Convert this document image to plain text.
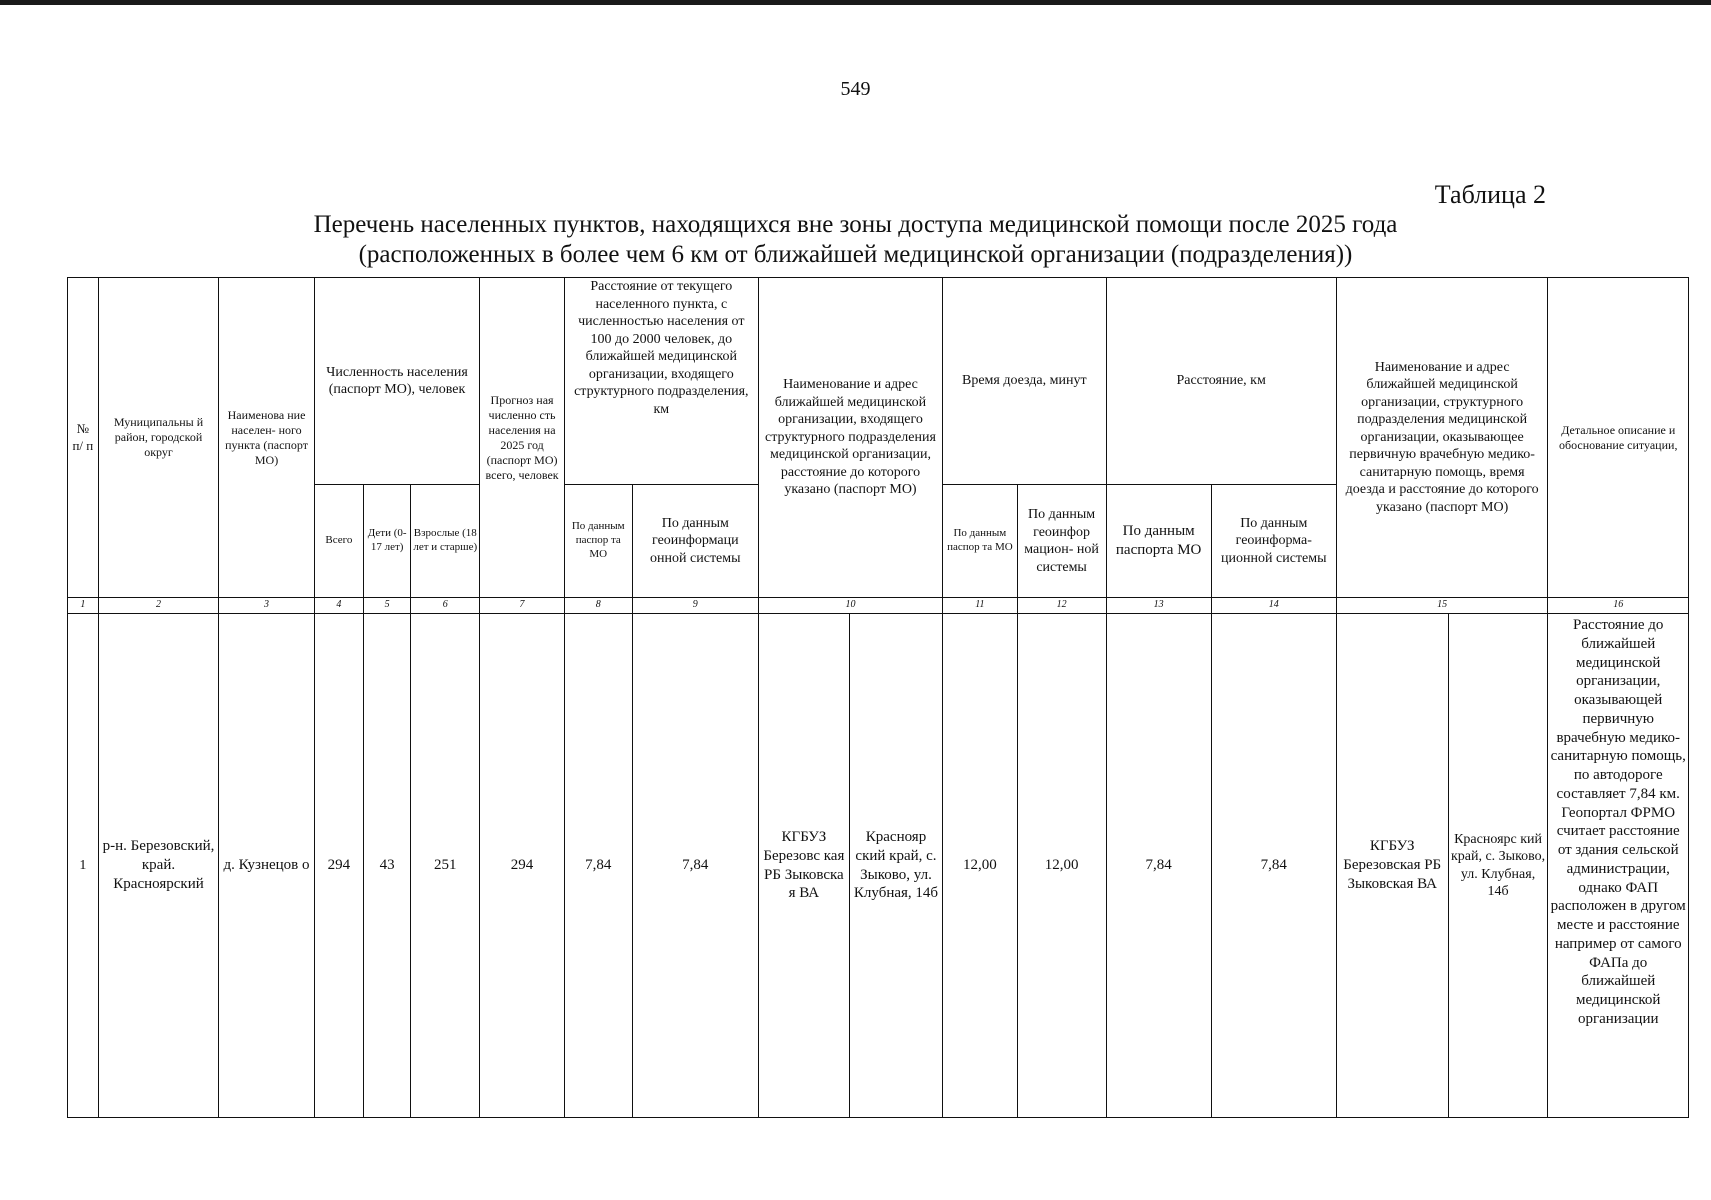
549
Таблица 2
Перечень населенных пунктов, находящихся вне зоны доступа медицинской помощи после 2025 года
(расположенных в более чем 6 км от ближайшей медицинской организации (подразделения))
№ п/ п	Муниципальны й район, городской округ	Наименова ние населен- ного пункта (паспорт МО)	Численность населения (паспорт МО), человек			Прогноз ная численно сть населения на 2025 год (паспорт МО) всего, человек	Расстояние от текущего населенного пункта, с численностью населения от 100 до 2000 человек, до ближайшей медицинской организации, входящего структурного подразделения, км		Наименование и адрес ближайшей медицинской организации, входящего структурного подразделения медицинской организации, расстояние до которого указано (паспорт МО)		Время доезда, минут		Расстояние, км		Наименование и адрес ближайшей медицинской организации, структурного подразделения медицинской организации, оказывающее первичную врачебную медико- санитарную помощь, время доезда и расстояние до которого указано (паспорт МО)		Детальное описание и обоснование ситуации,
			Всего	Дети (0-17 лет)	Взрослые (18 лет и старше)		По данным паспор та МО	По данным геоинформаци онной системы			По данным паспор та МО	По данным геоинфор мацион- ной системы	По данным паспорта МО	По данным геоинформа- ционной системы			
1	2	3	4	5	6	7	8	9	10		11	12	13	14	15		16
1	р-н. Березовский, край. Красноярский	д. Кузнецов о	294	43	251	294	7,84	7,84	КГБУЗ Березовс кая РБ Зыковска я ВА	Краснояр ский край, с. Зыково, ул. Клубная, 14б	12,00	12,00	7,84	7,84	КГБУЗ Березовская РБ Зыковская ВА	Красноярс кий край, с. Зыково, ул. Клубная, 14б	Расстояние до ближайшей медицинской организации, оказывающей первичную врачебную медико- санитарную помощь, по автодороге составляет 7,84 км. Геопортал ФРМО считает расстояние от здания сельской администрации, однако ФАП расположен в другом месте и расстояние например от самого ФАПа до ближайшей медицинской организации
